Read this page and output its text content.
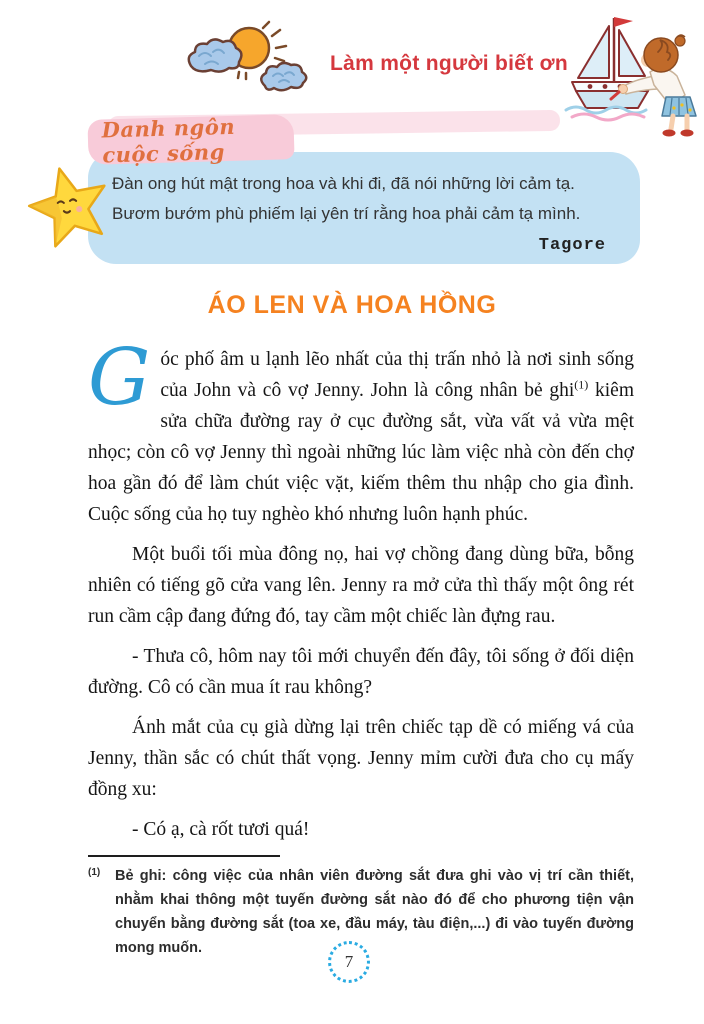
Làm một người biết ơn
Danh ngôn cuộc sống
Đàn ong hút mật trong hoa và khi đi, đã nói những lời cảm tạ.
Bươm bướm phù phiếm lại yên trí rằng hoa phải cảm tạ mình.
Tagore
ÁO LEN VÀ HOA HỒNG

Góc phố âm u lạnh lẽo nhất của thị trấn nhỏ là nơi sinh sống của John và cô vợ Jenny. John là công nhân bẻ ghi$^{(1)}$ kiêm sửa chữa đường ray ở cục đường sắt, vừa vất vả vừa mệt nhọc; còn cô vợ Jenny thì ngoài những lúc làm việc nhà còn đến chợ hoa gần đó để làm chút việc vặt, kiếm thêm thu nhập cho gia đình. Cuộc sống của họ tuy nghèo khó nhưng luôn hạnh phúc.

Một buổi tối mùa đông nọ, hai vợ chồng đang dùng bữa, bỗng nhiên có tiếng gõ cửa vang lên. Jenny ra mở cửa thì thấy một ông rét run cầm cập đang đứng đó, tay cầm một chiếc làn đựng rau.

- Thưa cô, hôm nay tôi mới chuyển đến đây, tôi sống ở đối diện đường. Cô có cần mua ít rau không?

Ánh mắt của cụ già dừng lại trên chiếc tạp dề có miếng vá của Jenny, thần sắc có chút thất vọng. Jenny mỉm cười đưa cho cụ mấy đồng xu:

- Có ạ, cà rốt tươi quá!

(1) Bẻ ghi: công việc của nhân viên đường sắt đưa ghi vào vị trí cần thiết, nhằm khai thông một tuyến đường sắt nào đó để cho phương tiện vận chuyển bằng đường sắt (toa xe, đầu máy, tàu điện,...) đi vào tuyến đường mong muốn.
7
